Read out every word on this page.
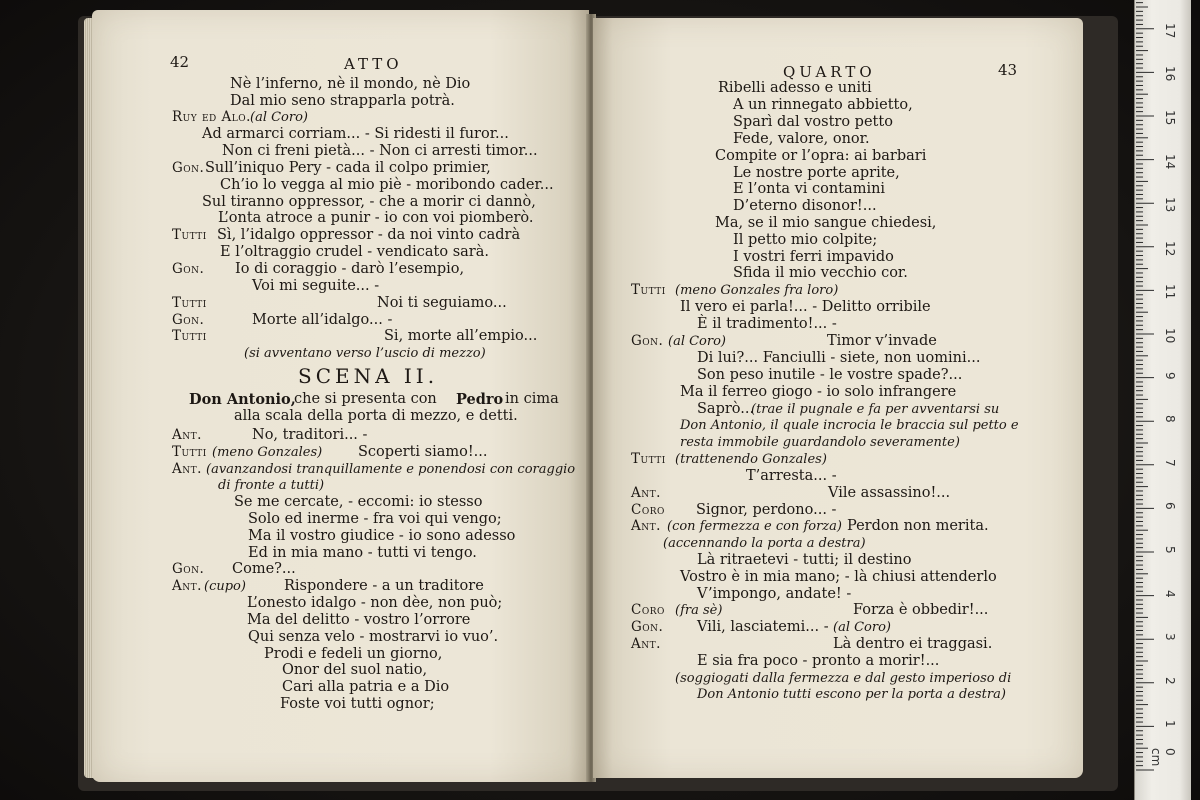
42	ATTO
Nè l’inferno, nè il mondo, nè Dio
Dal mio seno strapparla potrà.
Ruy ed Alo. (al Coro)
Ad armarci corriam... - Si ridesti il furor...
Non ci freni pietà... - Non ci arresti timor...
Gon. Sull’iniquo Pery - cada il colpo primier,
Ch’io lo vegga al mio piè - moribondo cader...
Sul tiranno oppressor, - che a morir ci dannò,
L’onta atroce a punir - io con voi piomberò.
Tutti Sì, l’idalgo oppressor - da noi vinto cadrà
E l’oltraggio crudel - vendicato sarà.
Gon. Io di coraggio - darò l’esempio,
Voi mi seguite... -
Tutti	Noi ti seguiamo...
Gon.	Morte all’idalgo... -
Tutti	Si, morte all’empio...
(si avventano verso l’uscio di mezzo)
SCENA II.
Don Antonio,
che si presenta con Pedro in cima
alla scala della porta di mezzo, e detti.
Ant.	No, traditori... -
Tutti (meno Gonzales) Scoperti siamo!...
Ant. (avanzandosi tranquillamente e ponendosi con coraggio
di fronte a tutti)
Se me cercate, - eccomi: io stesso
Solo ed inerme - fra voi qui vengo;
Ma il vostro giudice - io sono adesso
Ed in mia mano - tutti vi tengo.
Gon. Come?...
Ant. (cupo)	Rispondere - a un traditore
L’onesto idalgo - non dèe, non può;
Ma del delitto - vostro l’orrore
Qui senza velo - mostrarvi io vuo’.
Prodi e fedeli un giorno,
Onor del suol natio,
Cari alla patria e a Dio
Foste voi tutti ognor;
QUARTO	43
Ribelli adesso e uniti
A un rinnegato abbietto,
Sparì dal vostro petto
Fede, valore, onor.
Compite or l’opra: ai barbari
Le nostre porte aprite,
E l’onta vi contamini
D’eterno disonor!...
Ma, se il mio sangue chiedesi,
Il petto mio colpite;
I vostri ferri impavido
Sfida il mio vecchio cor.
Tutti (meno Gonzales fra loro)
Il vero ei parla!... - Delitto orribile
È il tradimento!... -
Gon. (al Coro)	Timor v’invade
Di lui?... Fanciulli - siete, non uomini...
Son peso inutile - le vostre spade?...
Ma il ferreo giogo - io solo infrangere
Saprò...
(trae il pugnale e fa per avventarsi su
Don Antonio, il quale incrocia le braccia sul petto e
resta immobile guardandolo severamente)
Tutti (trattenendo Gonzales)
T’arresta... -
Ant.	Vile assassino!...
Coro Signor, perdono... -
Ant. (con fermezza e con forza) Perdon non merita.
(accennando la porta a destra)
Là ritraetevi - tutti; il destino
Vostro è in mia mano; - là chiusi attenderlo
V’impongo, andate! -
Coro (fra sè)	Forza è obbedir!...
Gon. Vili, lasciatemi... - (al Coro)
Ant.	Là dentro ei traggasi.
E sia fra poco - pronto a morir!...
(soggiogati dalla fermezza e dal gesto imperioso di
Don Antonio tutti escono per la porta a destra)
0 cm
1
2
3
4
5
6
7
8
9
10
11
12
13
14
15
16
17
